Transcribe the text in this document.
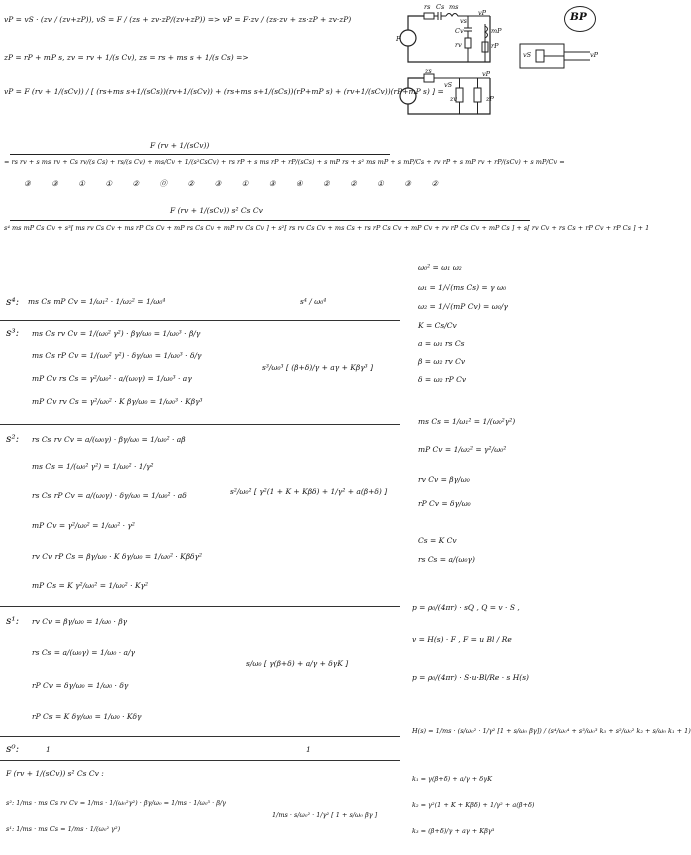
vP = vS · (zv / (zv+zP)), vS = F / (zs + zv·zP/(zv+zP)) => vP = F·zv / (zs·zv + zs·zP + zv·zP)
zP = rP + mP s, zv = rv + 1/(s Cv), zs = rs + ms s + 1/(s Cs) =>
vP = F (rv + 1/(sCv)) / [ (rs+ms s+1/(sCs))(rv+1/(sCv)) + (rs+ms s+1/(sCs))(rP+mP s) + (rv+1/(sCv))(rP+mP s) ] =
F (rv + 1/(sCv))
= rs rv + s ms rv + Cs rv/(s Cs) + rs/(s Cv) + ms/Cv + 1/(s²CsCv) + rs rP + s ms rP + rP/(sCs) + s mP rs + s² ms mP + s mP/Cs + rv rP + s mP rv + rP/(sCv) + s mP/Cv =
③ ③ ① ① ② ⓪ ② ③ ① ③ ④ ② ② ① ③ ②
F (rv + 1/(sCv)) s² Cs Cv
s⁴ ms mP Cs Cv + s³[ ms rv Cs Cv + ms rP Cs Cv + mP rs Cs Cv + mP rv Cs Cv ] + s²[ rs rv Cs Cv + ms Cs + rs rP Cs Cv + mP Cv + rv rP Cs Cv + mP Cs ] + s[ rv Cv + rs Cs + rP Cv + rP Cs ] + 1
BP
F
rs Cs ms
vs
vP
Cv
rv
mP
rP
zs
vS
vP
zv	zP
vS	vP
s⁴: ms Cs mP Cv = 1/ω₁² · 1/ω₂² = 1/ω₀⁴	s⁴ / ω₀⁴
s³: ms Cs rv Cv = 1/(ω₀² γ²) · βγ/ω₀ = 1/ω₀³ · β/γ
ms Cs rP Cv = 1/(ω₀² γ²) · δγ/ω₀ = 1/ω₀³ · δ/γ
mP Cv rs Cs = γ²/ω₀² · a/(ω₀γ) = 1/ω₀³ · aγ
mP Cv rv Cs = γ²/ω₀² · K βγ/ω₀ = 1/ω₀³ · Kβγ³
s³/ω₀³ [ (β+δ)/γ + aγ + Kβγ³ ]
s²: rs Cs rv Cv = a/(ω₀γ) · βγ/ω₀ = 1/ω₀² · aβ
ms Cs = 1/(ω₀² γ²) = 1/ω₀² · 1/γ²
rs Cs rP Cv = a/(ω₀γ) · δγ/ω₀ = 1/ω₀² · aδ
mP Cv = γ²/ω₀² = 1/ω₀² · γ²
rv Cv rP Cs = βγ/ω₀ · K δγ/ω₀ = 1/ω₀² · Kβδγ²
mP Cs = K γ²/ω₀² = 1/ω₀² · Kγ²
s²/ω₀² [ γ²(1 + K + Kβδ) + 1/γ² + a(β+δ) ]
s¹: rv Cv = βγ/ω₀ = 1/ω₀ · βγ
rs Cs = a/(ω₀γ) = 1/ω₀ · a/γ
rP Cv = δγ/ω₀ = 1/ω₀ · δγ
rP Cs = K δγ/ω₀ = 1/ω₀ · Kδγ
s/ω₀ [ γ(β+δ) + a/γ + δγK ]
s⁰:	1	1
F (rv + 1/(sCv)) s² Cs Cv :
s²: 1/ms · ms Cs rv Cv = 1/ms · 1/(ω₀²γ²) · βγ/ω₀ = 1/ms · 1/ω₀³ · β/γ
s¹: 1/ms · ms Cs = 1/ms · 1/(ω₀² γ²)
1/ms · s/ω₀² · 1/γ² [ 1 + s/ω₀ βγ ]
ω₀² = ω₁ ω₂
ω₁ = 1/√(ms Cs) = γ ω₀
ω₂ = 1/√(mP Cv) = ω₀/γ
K = Cs/Cv
a = ω₁ rs Cs
β = ω₂ rv Cv
δ = ω₂ rP Cv
ms Cs = 1/ω₁² = 1/(ω₀²γ²)
mP Cv = 1/ω₂² = γ²/ω₀²
rv Cv = βγ/ω₀
rP Cv = δγ/ω₀
Cs = K Cv
rs Cs = a/(ω₀γ)
p = ρ₀/(4πr) · sQ , Q = v · S ,
v = H(s) · F , F = u Bl / Re
p = ρ₀/(4πr) · S·u·Bl/Re · s H(s)
H(s) = 1/ms · (s/ω₀² · 1/γ² [1 + s/ω₀ βγ]) / (s⁴/ω₀⁴ + s³/ω₀³ k₃ + s²/ω₀² k₂ + s/ω₀ k₁ + 1)
k₁ = γ(β+δ) + a/γ + δγK
k₂ = γ²(1 + K + Kβδ) + 1/γ² + a(β+δ)
k₃ = (β+δ)/γ + aγ + Kβγ³
